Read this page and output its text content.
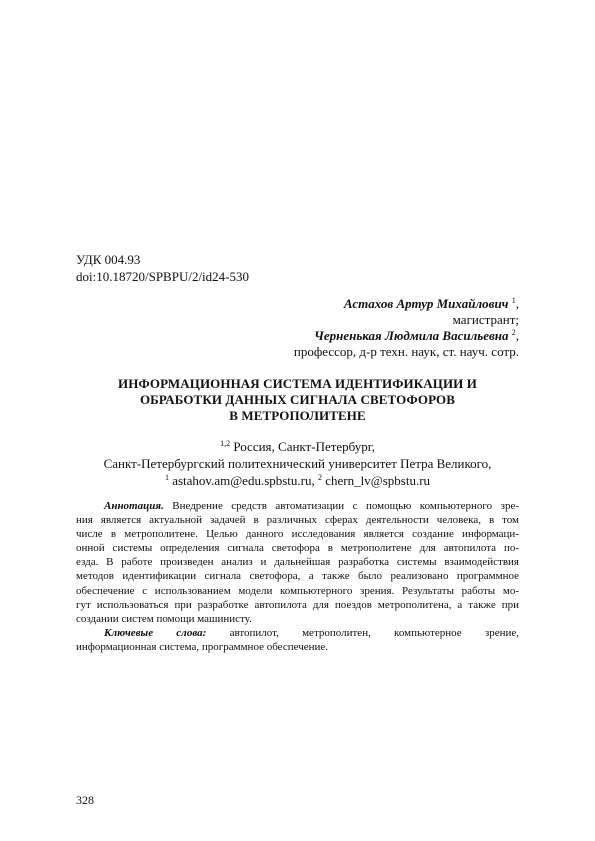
УДК 004.93
doi:10.18720/SPBPU/2/id24-530
Астахов Артур Михайлович $^1$,
магистрант;
Черненькая Людмила Васильевна $^2$,
профессор, д-р техн. наук, ст. науч. сотр.
ИНФОРМАЦИОННАЯ СИСТЕМА ИДЕНТИФИКАЦИИ И
ОБРАБОТКИ ДАННЫХ СИГНАЛА СВЕТОФОРОВ
В МЕТРОПОЛИТЕНЕ
$^{1,2}$ Россия, Санкт-Петербург,
Санкт-Петербургский политехнический университет Петра Великого,
$^1$ astahov.am@edu.spbstu.ru, $^2$ chern_lv@spbstu.ru
Аннотация. Внедрение средств автоматизации с помощью компьютерного зре-
ния является актуальной задачей в различных сферах деятельности человека, в том
числе в метрополитене. Целью данного исследования является создание информаци-
онной системы определения сигнала светофора в метрополитене для автопилота по-
езда. В работе произведен анализ и дальнейшая разработка системы взаимодействия
методов идентификации сигнала светофора, а также было реализовано программное
обеспечение с использованием модели компьютерного зрения. Результаты работы мо-
гут использоваться при разработке автопилота для поездов метрополитена, а также при
создании систем помощи машинисту.
Ключевые слова: автопилот, метрополитен, компьютерное зрение,
информационная система, программное обеспечение.
328
